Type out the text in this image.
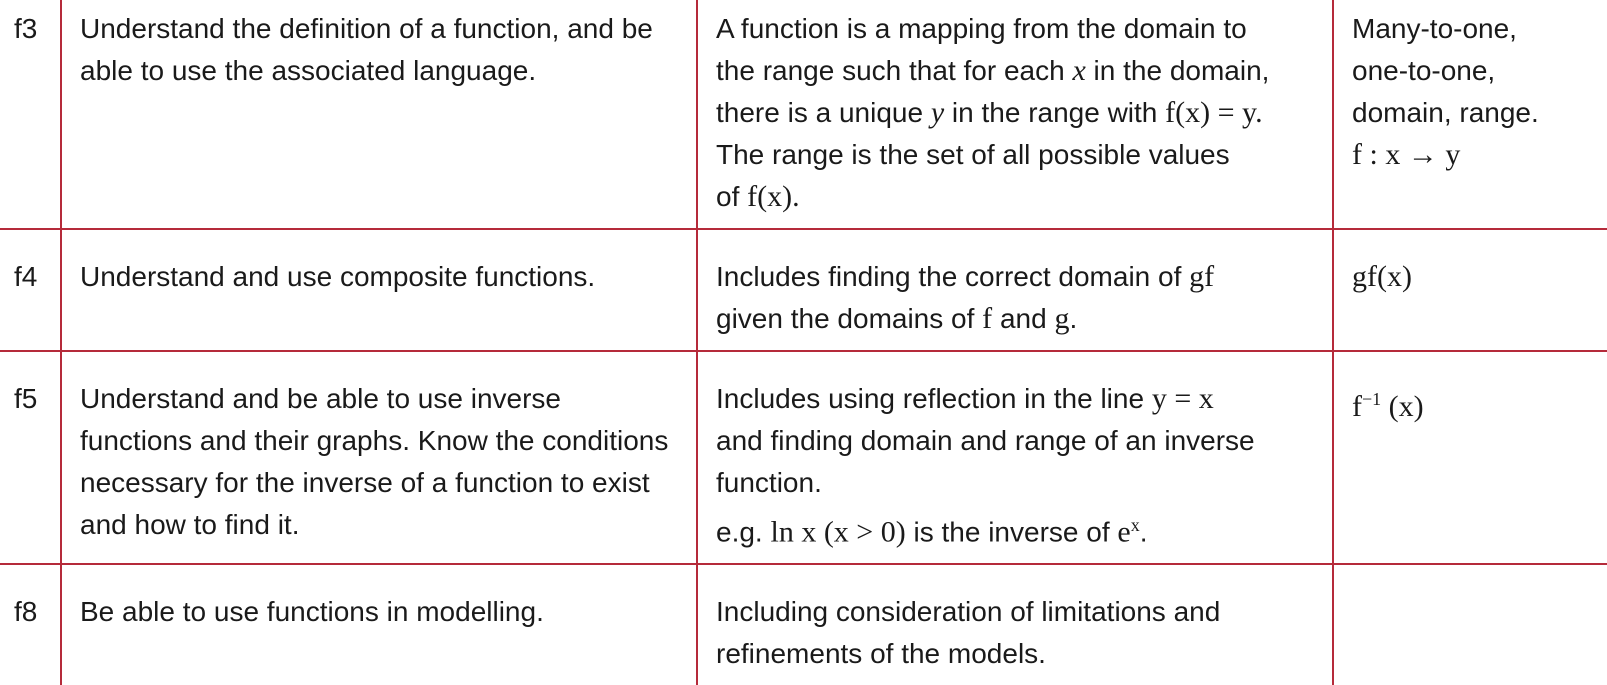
f3	Understand the definition of a function, and be able to use the associated language.	A function is a mapping from the domain to
the range such that for each x in the domain,
there is a unique y in the range with f(x) = y.
The range is the set of all possible values
of f(x).	Many-to-one,
one-to-one,
domain, range.
f : x → y

f4	Understand and use composite functions.	Includes finding the correct domain of gf
given the domains of f and g.	gf(x)

f5	Understand and be able to use inverse functions and their graphs. Know the conditions necessary for the inverse of a function to exist and how to find it.	Includes using reflection in the line y = x
and finding domain and range of an inverse
function.
e.g. ln x (x > 0) is the inverse of $e^x$.	$f^{-1}$ (x)

f8	Be able to use functions in modelling.	Including consideration of limitations and
refinements of the models.	
